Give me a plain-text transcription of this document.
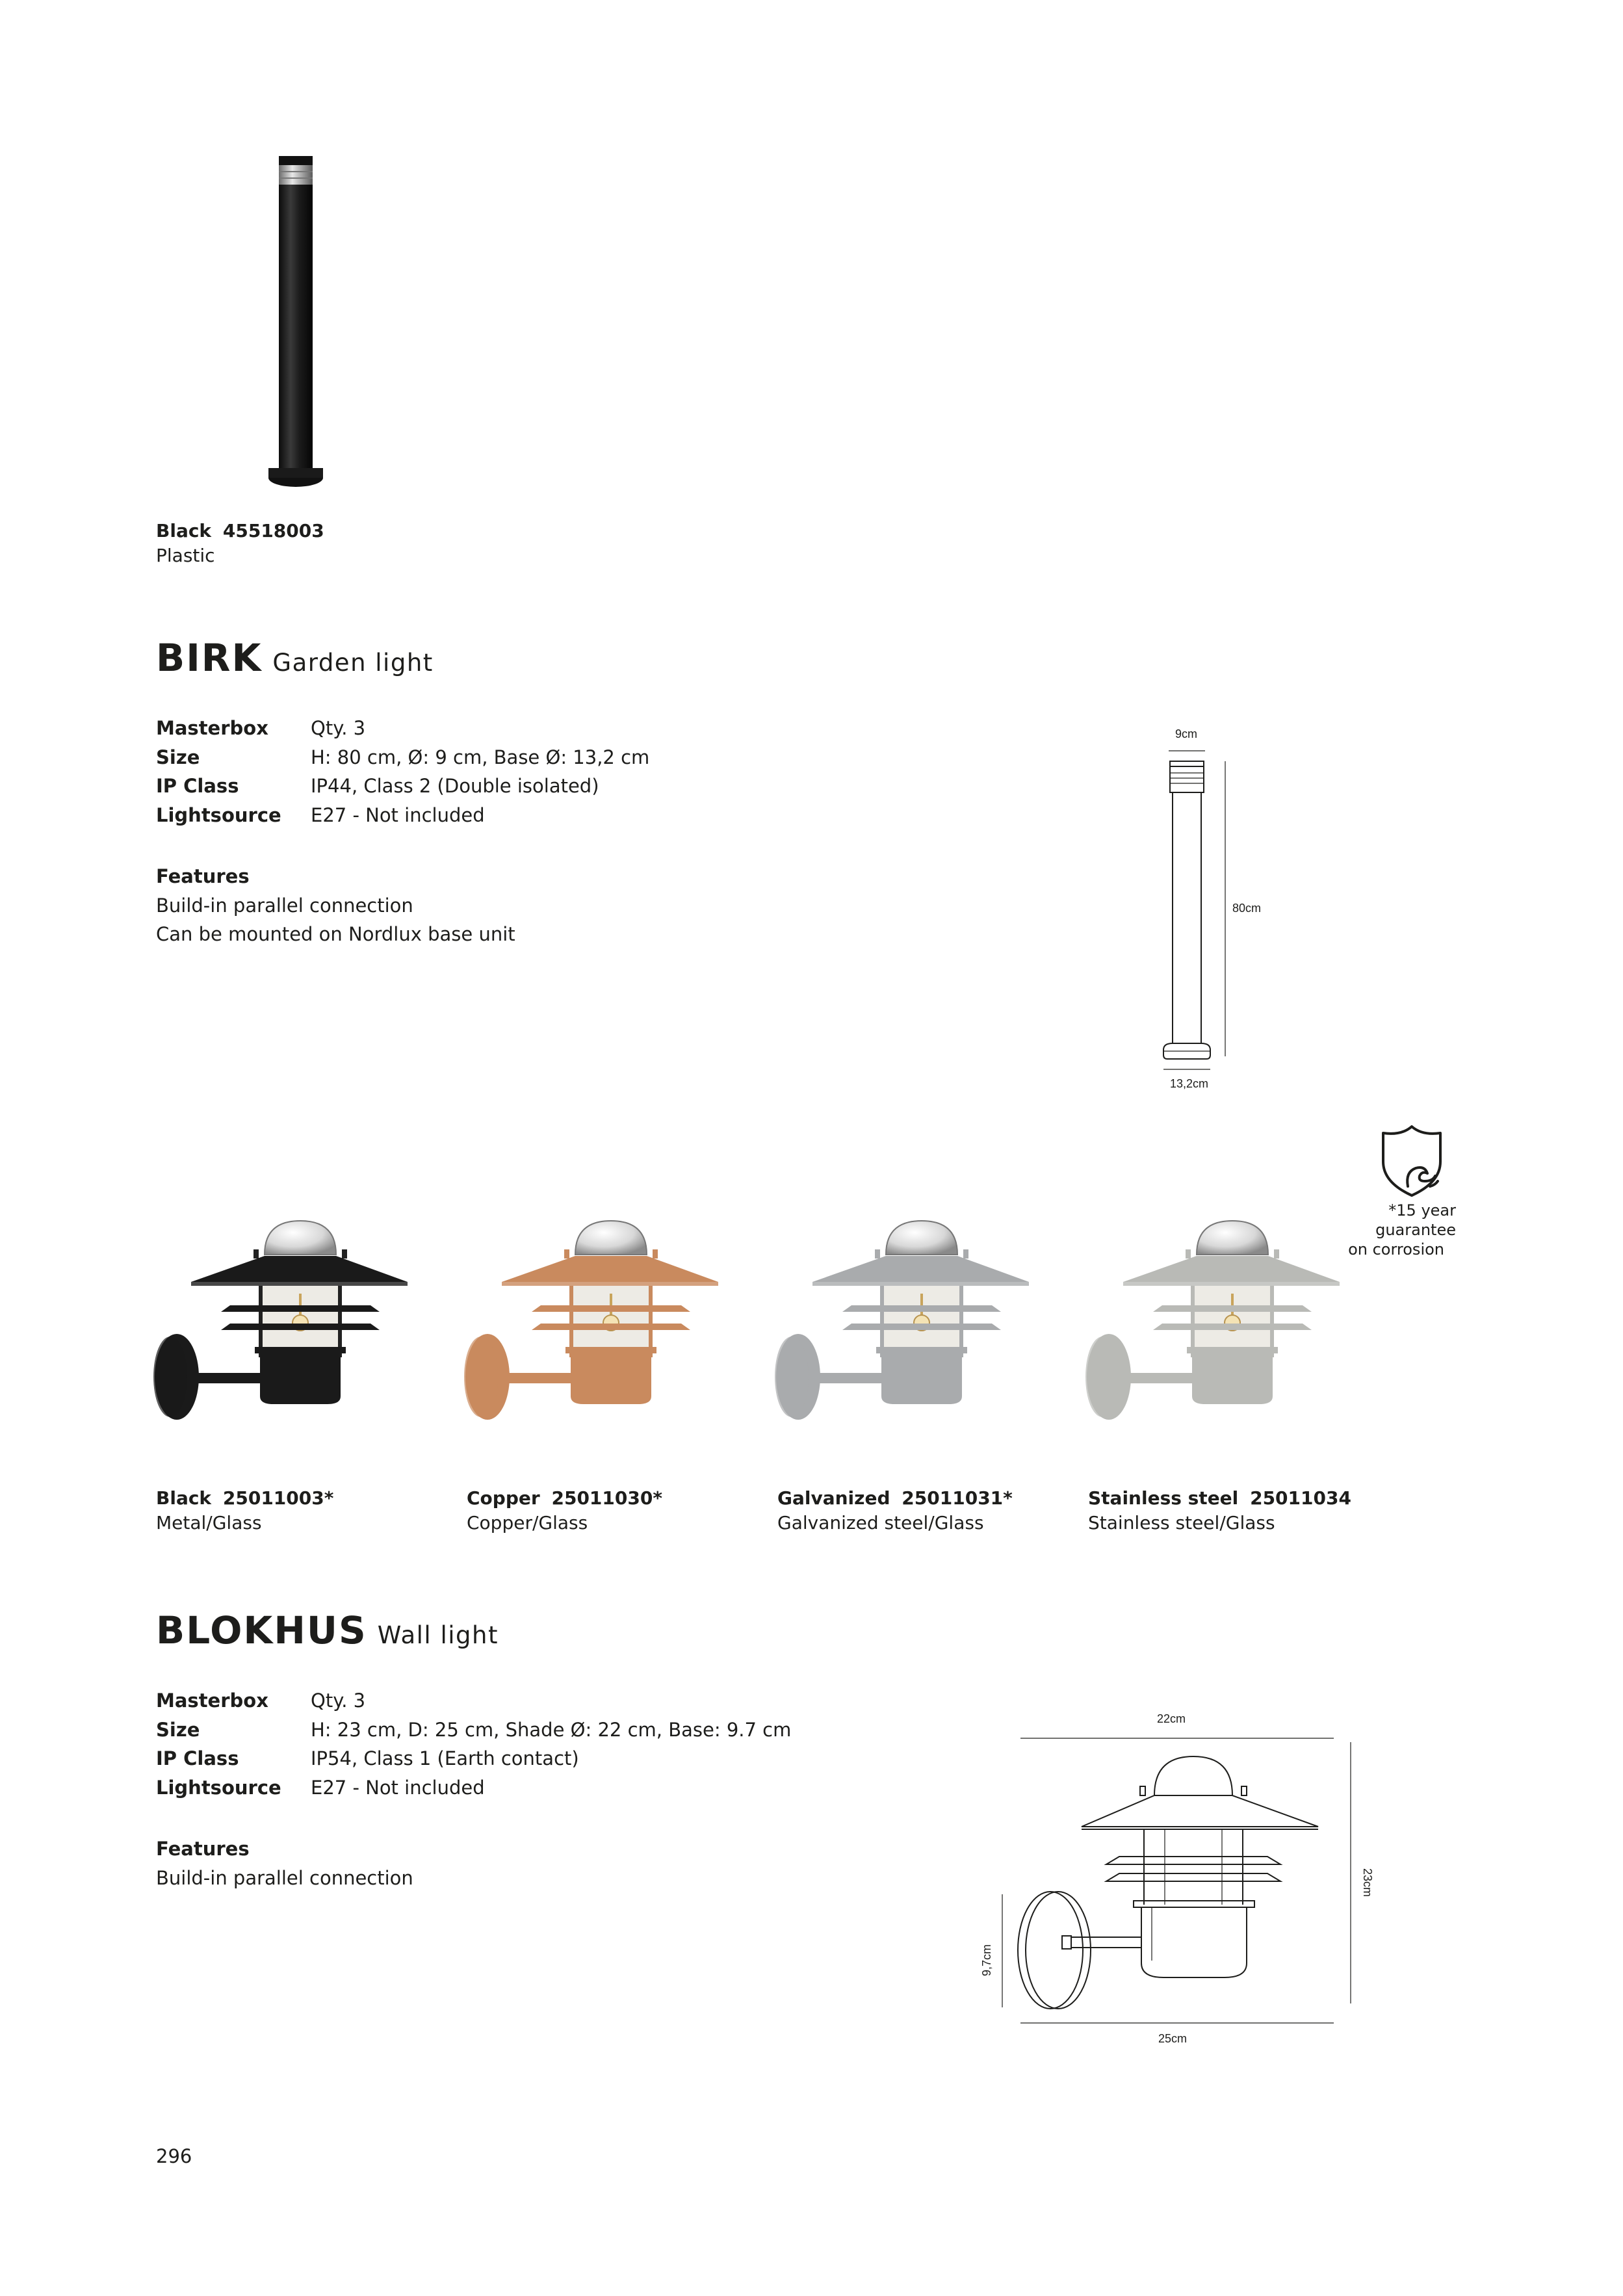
Black 45518003
Plastic
BIRK Garden light
Masterbox Qty. 3
Size	H: 80 cm, Ø: 9 cm, Base Ø: 13,2 cm
IP Class	IP44, Class 2 (Double isolated)
Lightsource E27 - Not included
Features
Build-in parallel connection
Can be mounted on Nordlux base unit
9cm
80cm
13,2cm
*15 year guarantee
on corrosion
Black 25011003*
Metal/Glass
Copper 25011030*
Copper/Glass
Galvanized 25011031*
Galvanized steel/Glass
Stainless steel 25011034
Stainless steel/Glass
BLOKHUS Wall light
Masterbox Qty. 3
Size	H: 23 cm, D: 25 cm, Shade Ø: 22 cm, Base: 9.7 cm
IP Class	IP54, Class 1 (Earth contact)
Lightsource E27 - Not included
Features
Build-in parallel connection
22cm
23cm
9,7cm
25cm
296
